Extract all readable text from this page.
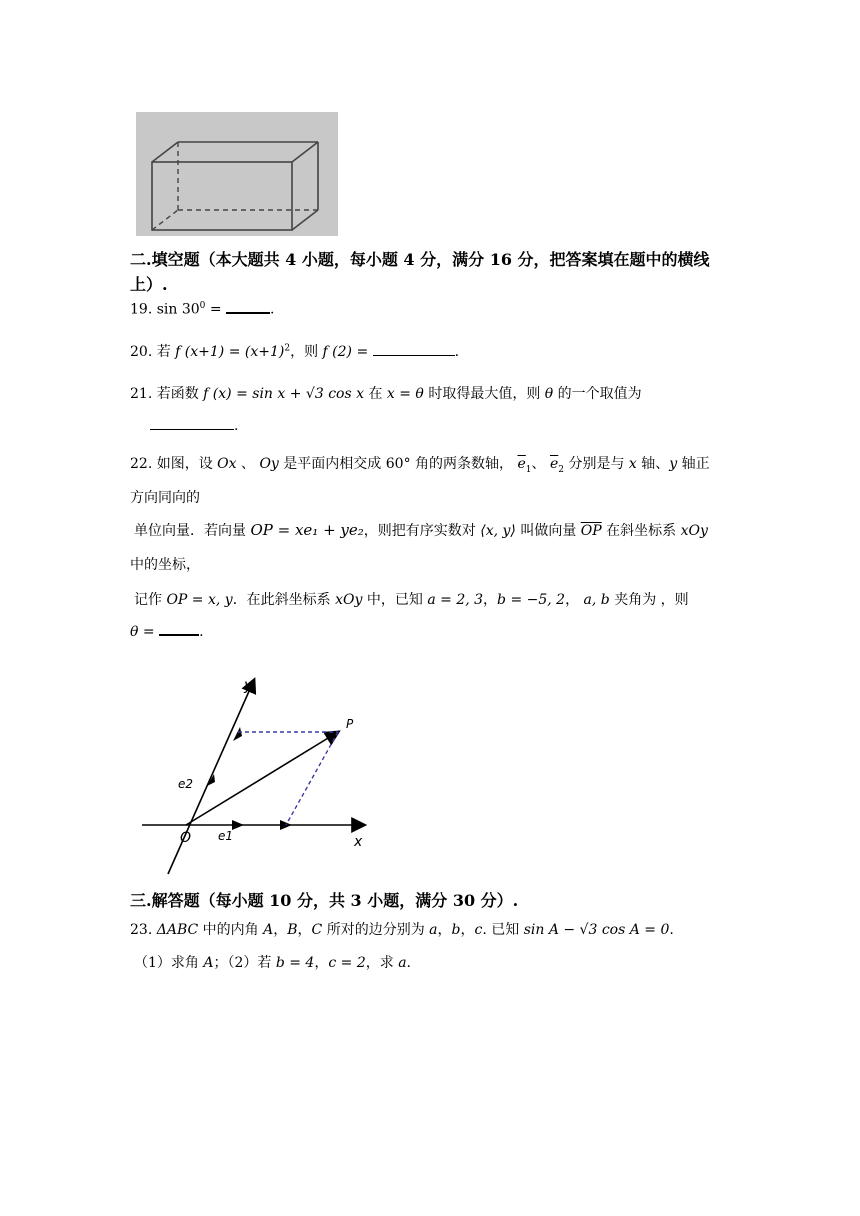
二.填空题（本大题共 4 小题，每小题 4 分，满分 16 分，把答案填在题中的横线
上）.
19. $\sin 30^0$ =	.
20. 若 f $(x+1) = (x+1)^2$，则 f (2) =	.
21. 若函数 f (x) = sin x + √3 cos x 在 x = θ 时取得最大值，则 θ 的一个取值为
.
22. 如图，设 Ox 、 Oy 是平面内相交成 60° 角的两条数轴， $\overline{e}_1$、 $\overline{e}_2$ 分别是与 x 轴、y 轴正
方向同向的
单位向量．若向量 OP = xe₁ + ye₂，则把有序实数对 ⟨x, y⟩ 叫做向量 $\overline{OP}$ 在斜坐标系 xOy
中的坐标，
记作 OP = x, y．在此斜坐标系 xOy 中，已知 a = 2, 3，b = −5, 2， a, b 夹角为 ，则
θ =	.
y
P
e2
O e1	x
三.解答题（每小题 10 分，共 3 小题，满分 30 分）.
23. ΔABC 中的内角 A，B，C 所对的边分别为 a，b，c. 已知 sin A − √3 cos A = 0.
（1）求角 A；（2）若 b = 4，c = 2，求 a.
